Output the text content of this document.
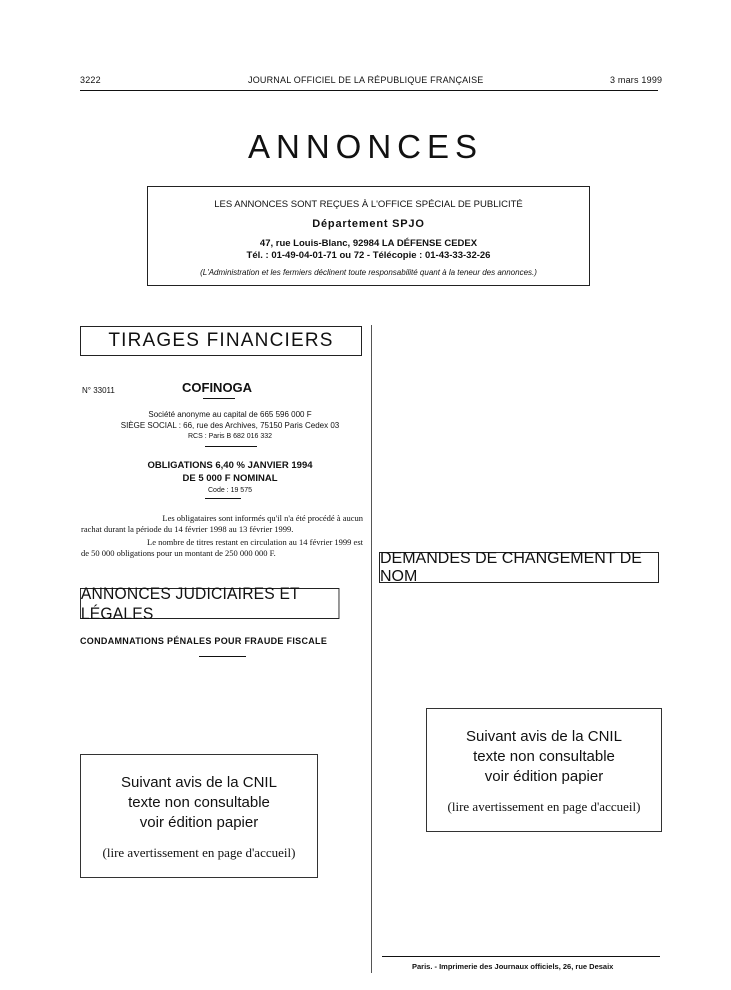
3222	JOURNAL OFFICIEL DE LA RÉPUBLIQUE FRANÇAISE	3 mars 1999
ANNONCES
LES ANNONCES SONT REÇUES À L'OFFICE SPÉCIAL DE PUBLICITÉ
Département SPJO
47, rue Louis-Blanc, 92984 LA DÉFENSE CEDEX
Tél. : 01-49-04-01-71 ou 72 - Télécopie : 01-43-33-32-26
(L'Administration et les fermiers déclinent toute responsabilité quant à la teneur des annonces.)
TIRAGES FINANCIERS
N° 33011	COFINOGA
Société anonyme au capital de 665 596 000 F
SIÈGE SOCIAL : 66, rue des Archives, 75150 Paris Cedex 03
RCS : Paris B 682 016 332
OBLIGATIONS 6,40 % JANVIER 1994
DE 5 000 F NOMINAL
Code : 19 575
Les obligataires sont informés qu'il n'a été procédé à aucun
rachat durant la période du 14 février 1998 au 13 février 1999.
Le nombre de titres restant en circulation au 14 février 1999 est
de 50 000 obligations pour un montant de 250 000 000 F.
ANNONCES JUDICIAIRES ET LÉGALES
CONDAMNATIONS PÉNALES POUR FRAUDE FISCALE
Suivant avis de la CNIL
texte non consultable
voir édition papier
(lire avertissement en page d'accueil)
DEMANDES DE CHANGEMENT DE NOM
Suivant avis de la CNIL
texte non consultable
voir édition papier
(lire avertissement en page d'accueil)
Paris. - Imprimerie des Journaux officiels, 26, rue Desaix
